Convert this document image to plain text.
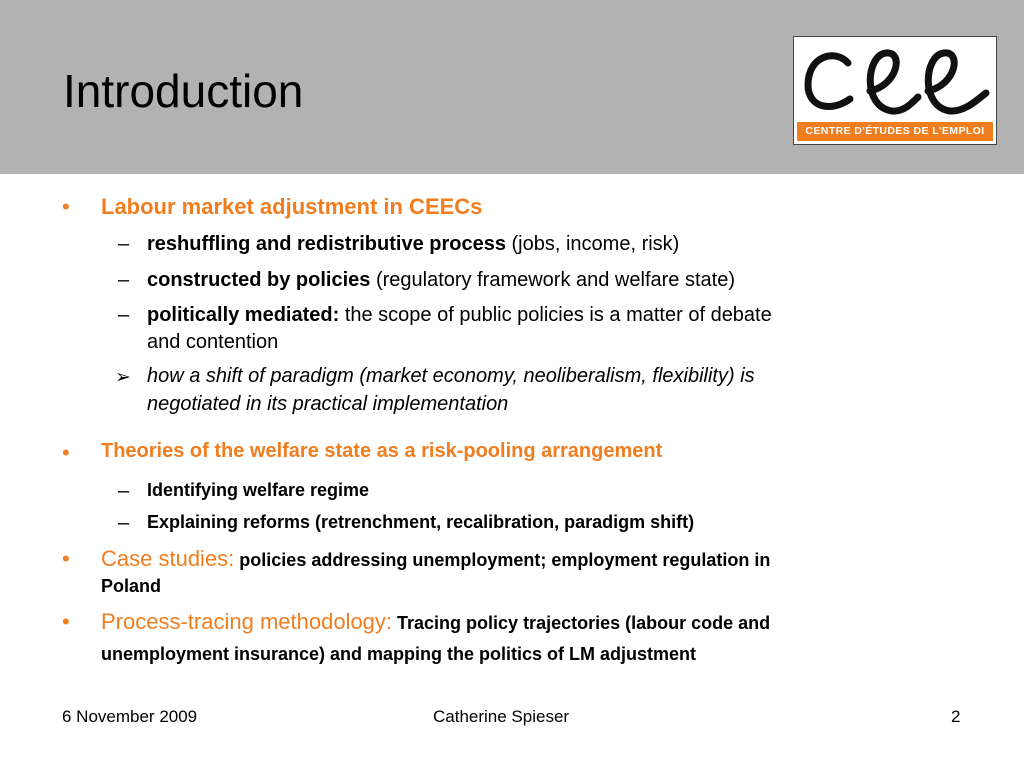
Introduction
CENTRE D'ÉTUDES DE L'EMPLOI
• Labour market adjustment in CEECs
– reshuffling and redistributive process (jobs, income, risk)
– constructed by policies (regulatory framework and welfare state)
– politically mediated: the scope of public policies is a matter of debate
and contention
➢ how a shift of paradigm (market economy, neoliberalism, flexibility) is
negotiated in its practical implementation
• Theories of the welfare state as a risk-pooling arrangement
– Identifying welfare regime
– Explaining reforms (retrenchment, recalibration, paradigm shift)
• Case studies: policies addressing unemployment; employment regulation in
Poland
• Process-tracing methodology: Tracing policy trajectories (labour code and
unemployment insurance) and mapping the politics of LM adjustment
6 November 2009	Catherine Spieser	2
